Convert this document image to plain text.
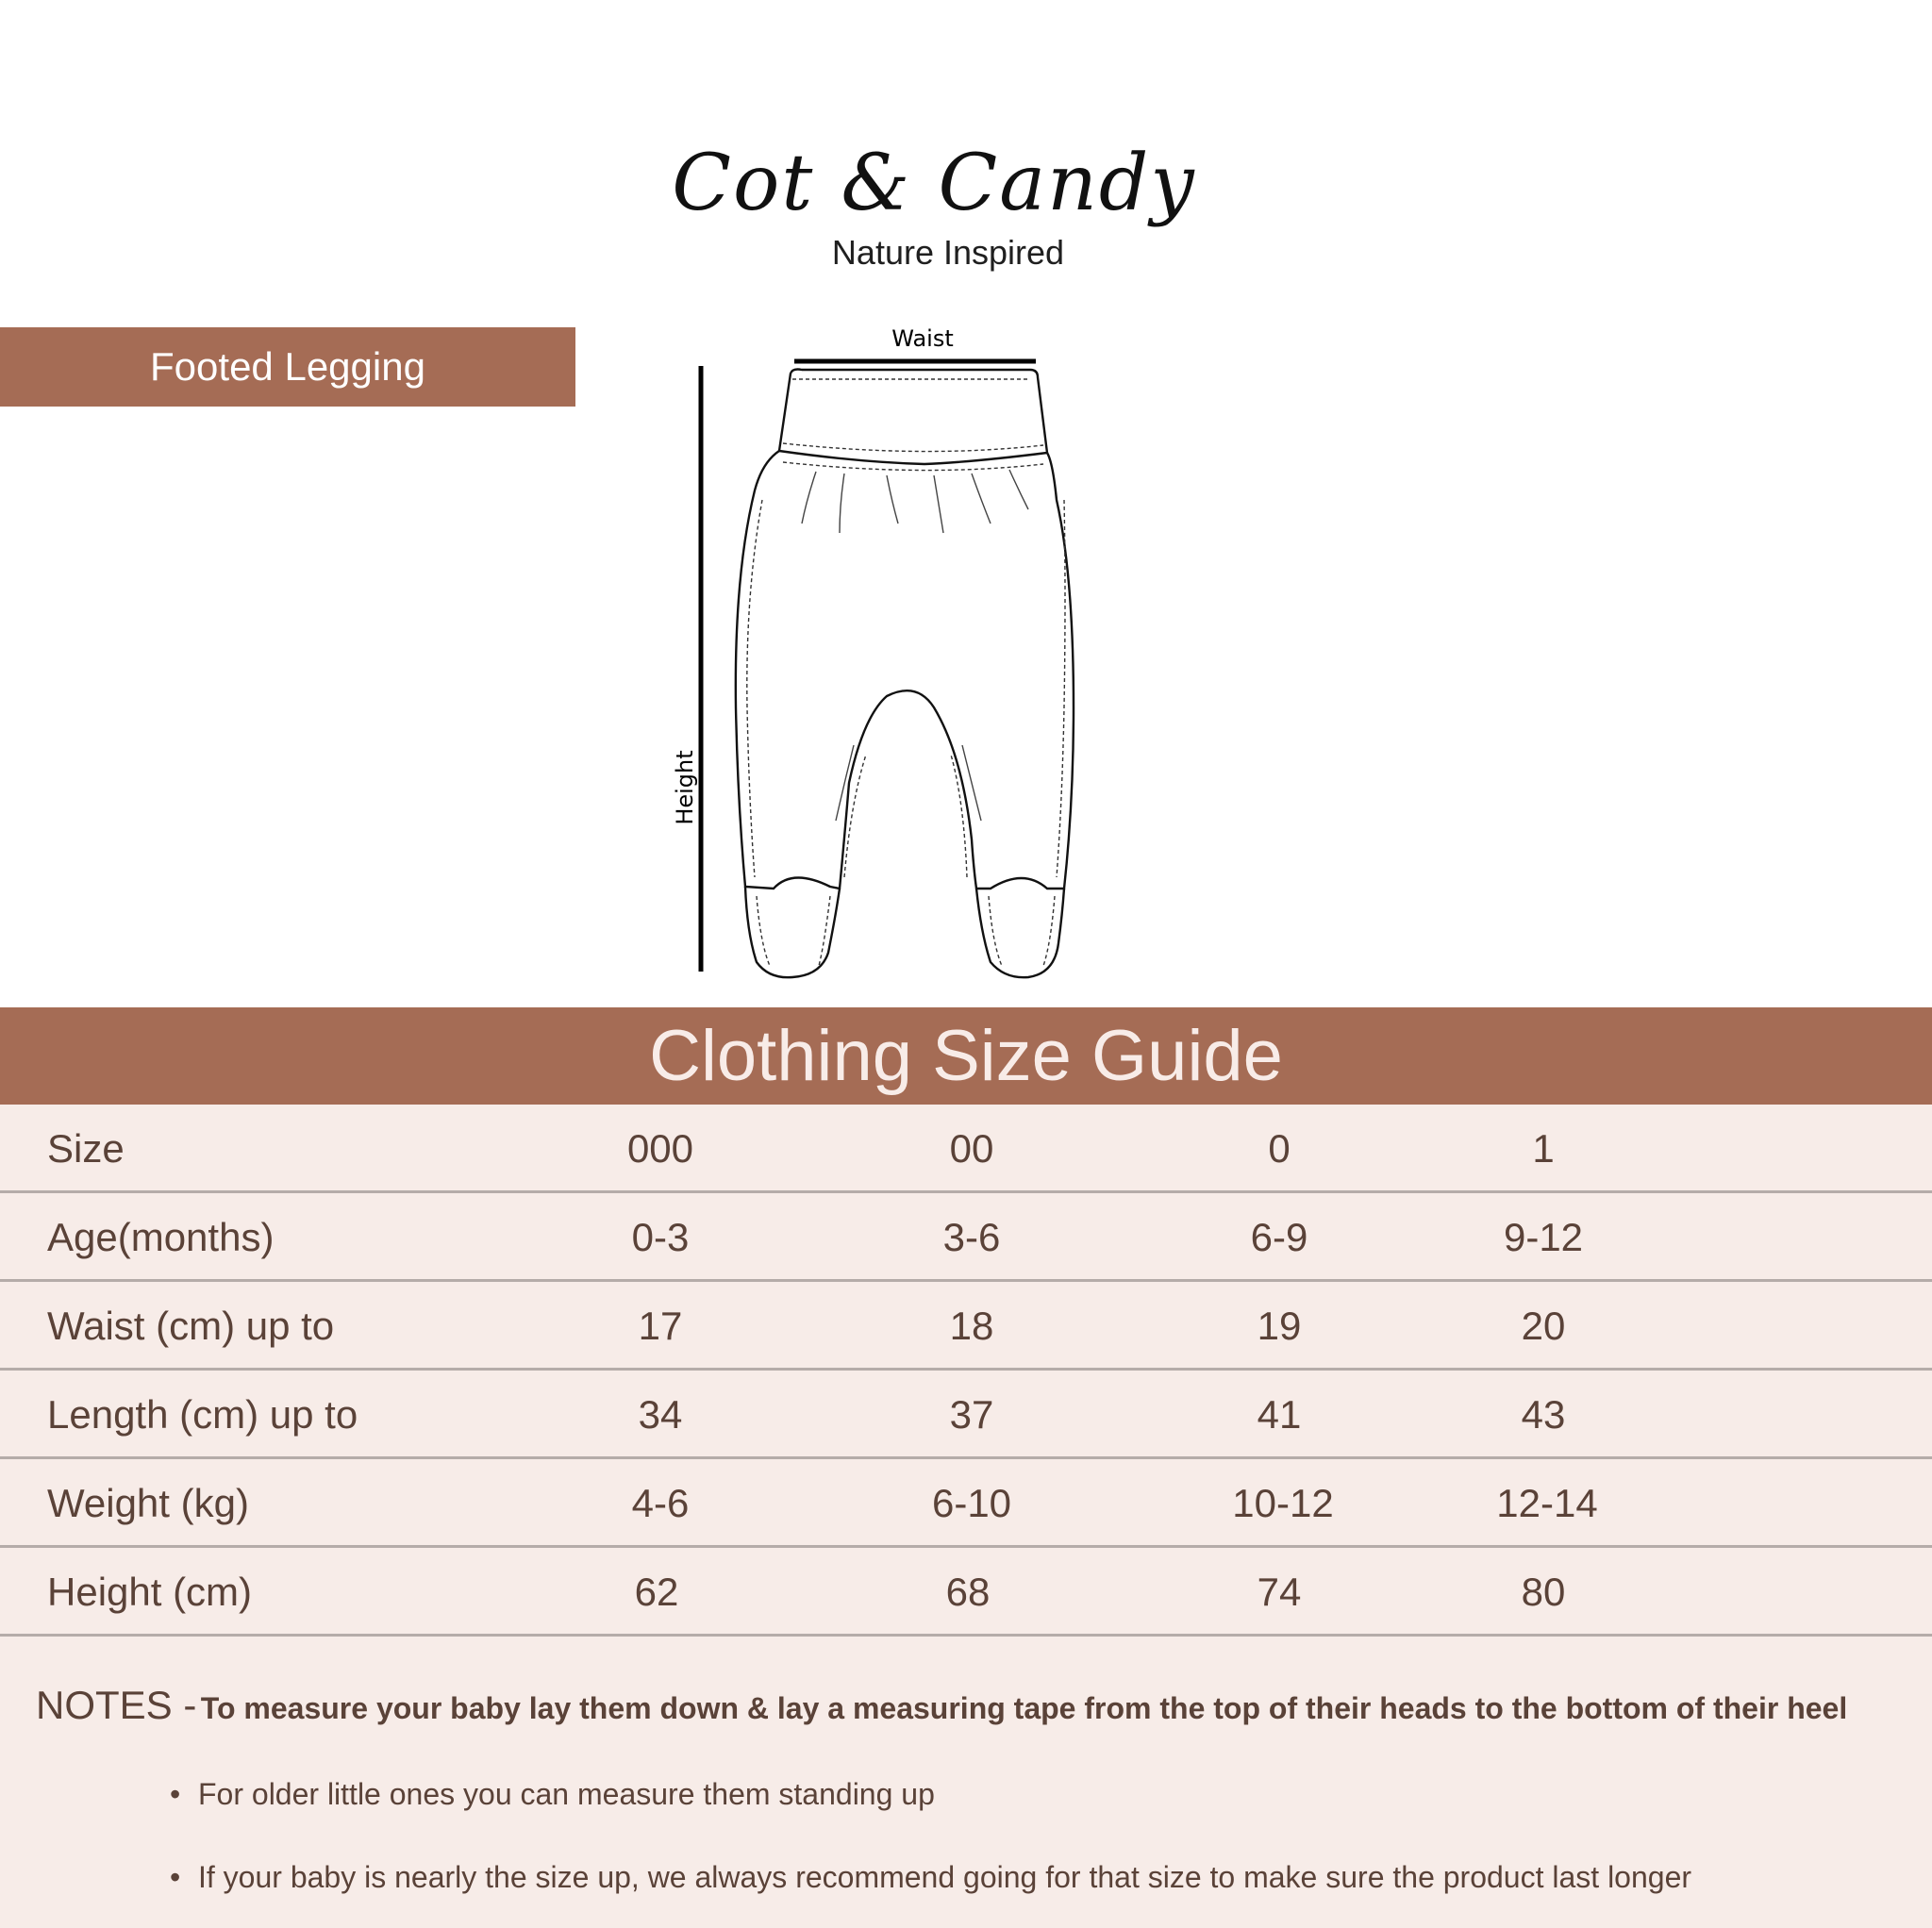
Cot & Candy
Nature Inspired
Footed Legging
Waist
Height
Clothing Size Guide
Size	000	00	0	1
Age(months)	0-3	3-6	6-9	9-12
Waist (cm) up to	17	18	19	20
Length (cm) up to	34	37	41	43
Weight (kg)	4-6	6-10	10-12	12-14
Height (cm)	62	68	74	80
NOTES - To measure your baby lay them down & lay a measuring tape from the top of their heads to the bottom of their heel
• For older little ones you can measure them standing up
• If your baby is nearly the size up, we always recommend going for that size to make sure the product last longer
